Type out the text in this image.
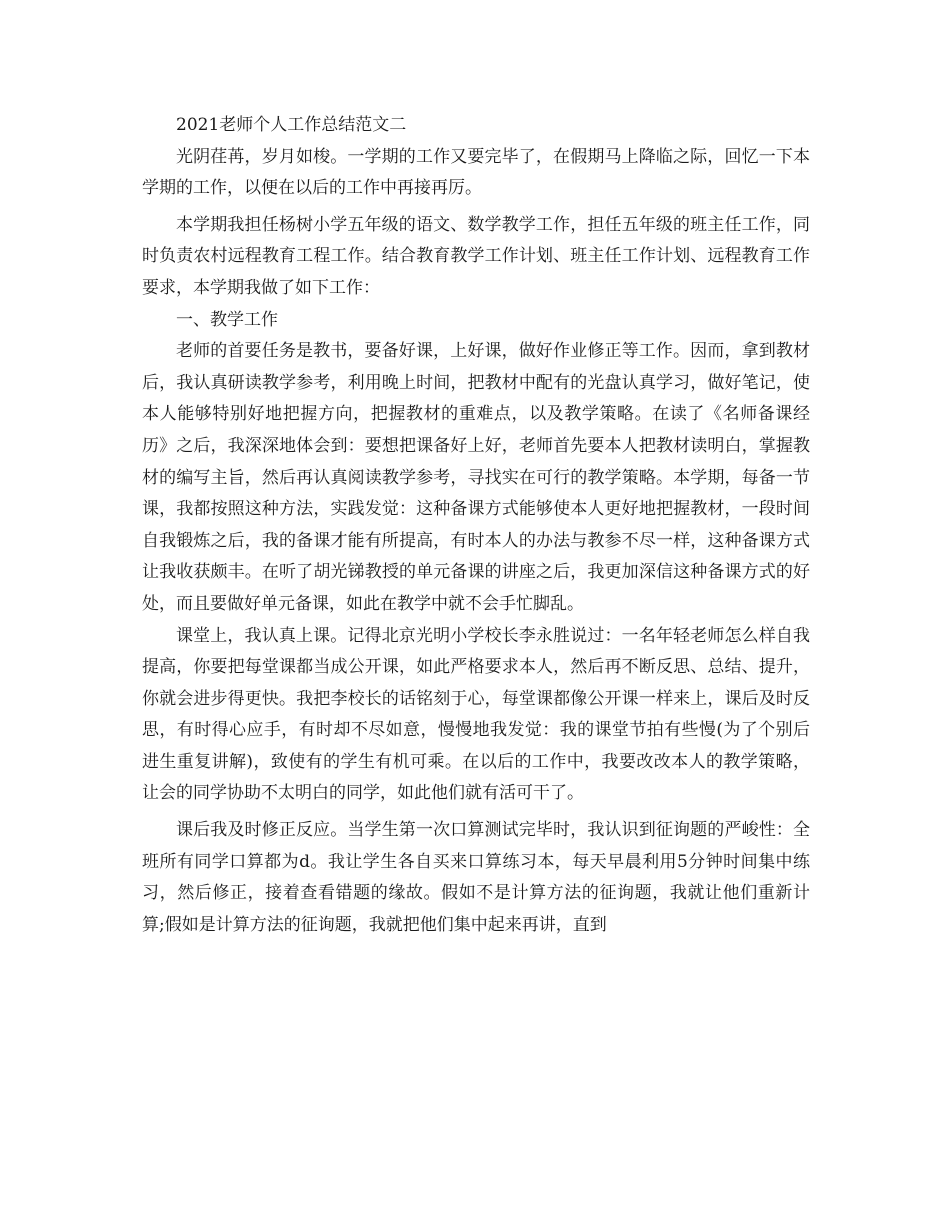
2021老师个人工作总结范文二

光阴荏苒，岁月如梭。一学期的工作又要完毕了，在假期马上降临之际，回忆一下本学期的工作，以便在以后的工作中再接再厉。

本学期我担任杨树小学五年级的语文、数学教学工作，担任五年级的班主任工作，同时负责农村远程教育工程工作。结合教育教学工作计划、班主任工作计划、远程教育工作要求，本学期我做了如下工作：

一、教学工作

老师的首要任务是教书，要备好课，上好课，做好作业修正等工作。因而，拿到教材后，我认真研读教学参考，利用晚上时间，把教材中配有的光盘认真学习，做好笔记，使本人能够特别好地把握方向，把握教材的重难点，以及教学策略。在读了《名师备课经历》之后，我深深地体会到：要想把课备好上好，老师首先要本人把教材读明白，掌握教材的编写主旨，然后再认真阅读教学参考，寻找实在可行的教学策略。本学期，每备一节课，我都按照这种方法，实践发觉：这种备课方式能够使本人更好地把握教材，一段时间自我锻炼之后，我的备课才能有所提高，有时本人的办法与教参不尽一样，这种备课方式让我收获颇丰。在听了胡光锑教授的单元备课的讲座之后，我更加深信这种备课方式的好处，而且要做好单元备课，如此在教学中就不会手忙脚乱。

课堂上，我认真上课。记得北京光明小学校长李永胜说过：一名年轻老师怎么样自我提高，你要把每堂课都当成公开课，如此严格要求本人，然后再不断反思、总结、提升，你就会进步得更快。我把李校长的话铭刻于心，每堂课都像公开课一样来上，课后及时反思，有时得心应手，有时却不尽如意，慢慢地我发觉：我的课堂节拍有些慢(为了个别后进生重复讲解)，致使有的学生有机可乘。在以后的工作中，我要改改本人的教学策略，让会的同学协助不太明白的同学，如此他们就有活可干了。

课后我及时修正反应。当学生第一次口算测试完毕时，我认识到征询题的严峻性：全班所有同学口算都为d。我让学生各自买来口算练习本，每天早晨利用5分钟时间集中练习，然后修正，接着查看错题的缘故。假如不是计算方法的征询题，我就让他们重新计算;假如是计算方法的征询题，我就把他们集中起来再讲，直到
